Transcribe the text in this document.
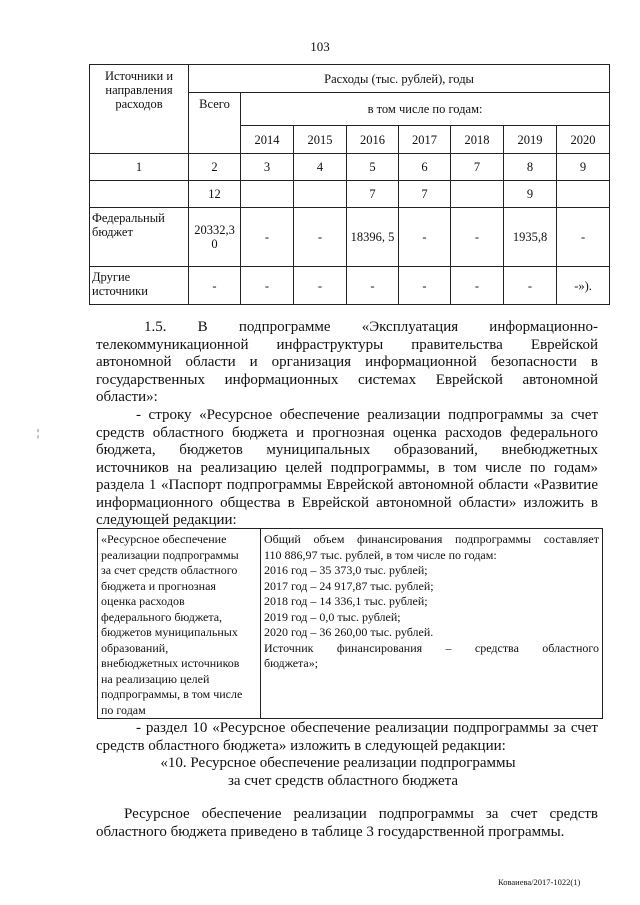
103
Источники и направления расходов	Расходы (тыс. рублей), годы							
	Всего	в том числе по годам:						
		2014	2015	2016	2017	2018	2019	2020
1	2	3	4	5	6	7	8	9
	12			7	7		9	
Федеральный бюджет	20332,3 0	-	-	18396, 5	-	-	1935,8	-
Другие источники	-	-	-	-	-	-	-	-»).
1.5. В подпрограмме «Эксплуатация информационно-
телекоммуникационной инфраструктуры правительства Еврейской
автономной области и организация информационной безопасности в
государственных информационных системах Еврейской автономной
области»:
¦
- строку «Ресурсное обеспечение реализации подпрограммы за счет
средств областного бюджета и прогнозная оценка расходов федерального
бюджета, бюджетов муниципальных образований, внебюджетных
источников на реализацию целей подпрограммы, в том числе по годам»
раздела 1 «Паспорт подпрограммы Еврейской автономной области «Развитие
информационного общества в Еврейской автономной области» изложить в
следующей редакции:
«Ресурсное обеспечение
реализации подпрограммы
за счет средств областного
бюджета и прогнозная
оценка расходов
федерального бюджета,
бюджетов муниципальных
образований,
внебюджетных источников
на реализацию целей
подпрограммы, в том числе
по годам

Общий объем финансирования подпрограммы составляет
110 886,97 тыс. рублей, в том числе по годам:
2016 год – 35 373,0 тыс. рублей;
2017 год – 24 917,87 тыс. рублей;
2018 год – 14 336,1 тыс. рублей;
2019 год – 0,0 тыс. рублей;
2020 год – 36 260,00 тыс. рублей.
Источник финансирования – средства областного
бюджета»;
- раздел 10 «Ресурсное обеспечение реализации подпрограммы за счет
средств областного бюджета» изложить в следующей редакции:
«10. Ресурсное обеспечение реализации подпрограммы
за счет средств областного бюджета
Ресурсное обеспечение реализации подпрограммы за счет средств
областного бюджета приведено в таблице 3 государственной программы.
Коваиева/2017-1022(1)
